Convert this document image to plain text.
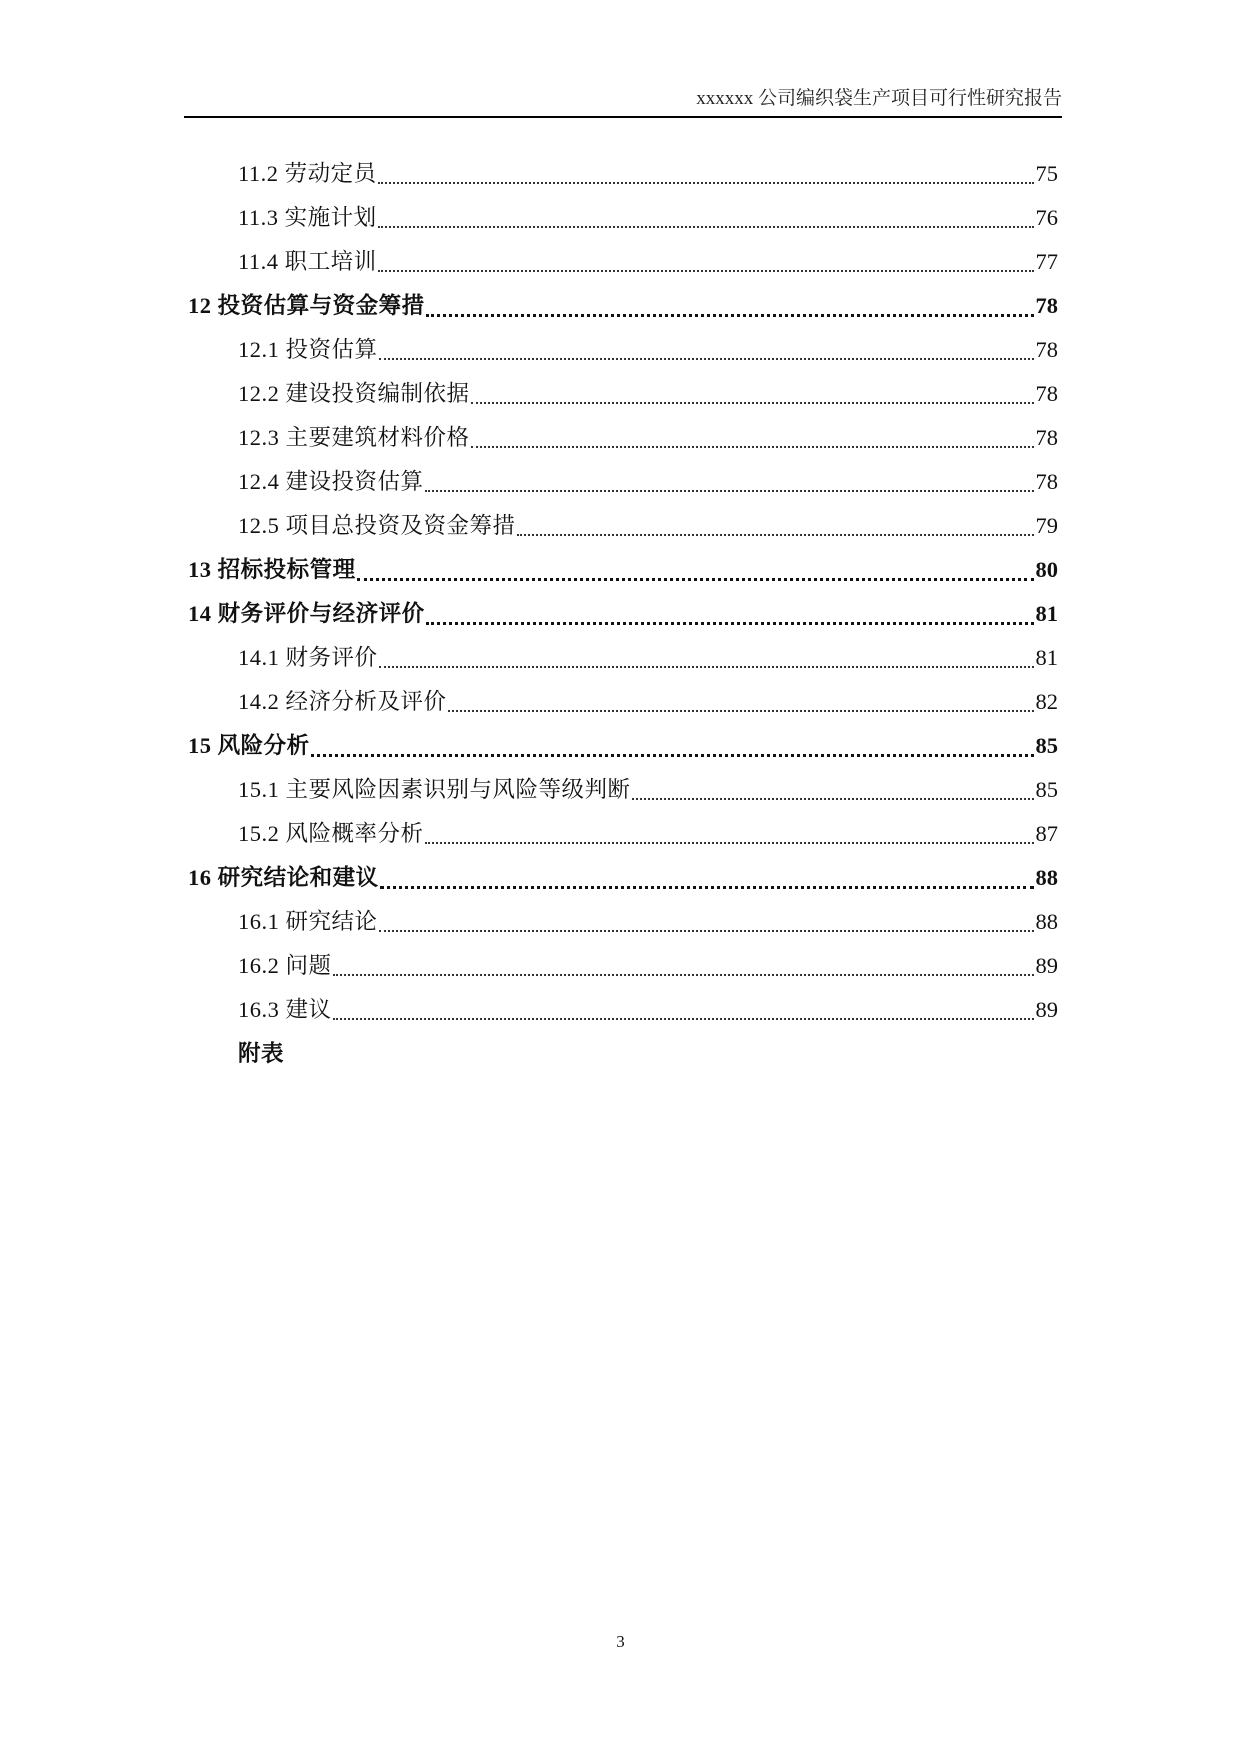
xxxxxx 公司编织袋生产项目可行性研究报告
11.2 劳动定员	75
11.3 实施计划	76
11.4 职工培训	77
12 投资估算与资金筹措	78
12.1 投资估算	78
12.2 建设投资编制依据	78
12.3 主要建筑材料价格	78
12.4 建设投资估算	78
12.5 项目总投资及资金筹措	79
13 招标投标管理	80
14 财务评价与经济评价	81
14.1 财务评价	81
14.2 经济分析及评价	82
15 风险分析	85
15.1 主要风险因素识别与风险等级判断	85
15.2 风险概率分析	87
16 研究结论和建议	88
16.1 研究结论	88
16.2 问题	89
16.3 建议	89
附表
3
